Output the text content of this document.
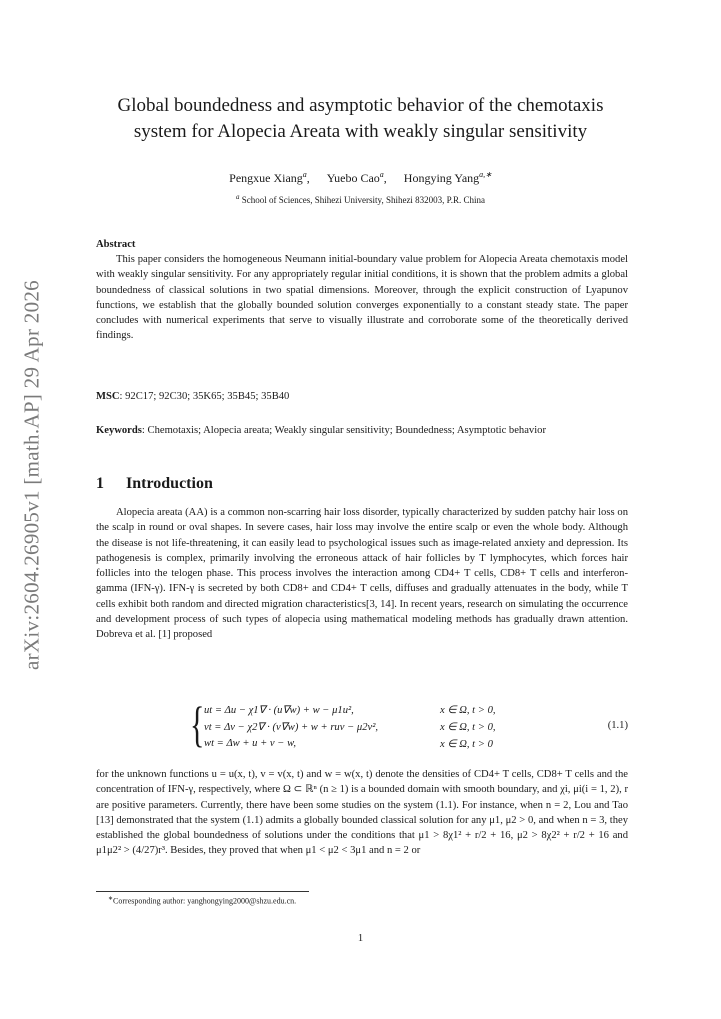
arXiv:2604.26905v1 [math.AP] 29 Apr 2026
Global boundedness and asymptotic behavior of the chemotaxis
system for Alopecia Areata with weakly singular sensitivity
Pengxue Xiang$^a$, Yuebo Cao$^a$, Hongying Yang$^{a,∗}$
$^a$ School of Sciences, Shihezi University, Shihezi 832003, P.R. China
Abstract

This paper considers the homogeneous Neumann initial-boundary value problem for Alopecia Areata chemotaxis model with weakly singular sensitivity. For any appropriately regular initial conditions, it is shown that the problem admits a global boundedness of classical solutions in two spatial dimensions. Moreover, through the explicit construction of Lyapunov functions, we establish that the globally bounded solution converges exponentially to a constant steady state. The paper concludes with numerical experiments that serve to visually illustrate and corroborate some of the theoretically derived findings.

MSC: 92C17; 92C30; 35K65; 35B45; 35B40

Keywords: Chemotaxis; Alopecia areata; Weakly singular sensitivity; Boundedness; Asymptotic behavior

1 Introduction

Alopecia areata (AA) is a common non-scarring hair loss disorder, typically characterized by sudden patchy hair loss on the scalp in round or oval shapes. In severe cases, hair loss may involve the entire scalp or even the whole body. Although the disease is not life-threatening, it can easily lead to psychological issues such as image-related anxiety and depression. Its pathogenesis is complex, primarily involving the erroneous attack of hair follicles by T lymphocytes, which forces hair follicles into the telogen phase. This process involves the interaction among CD4+ T cells, CD8+ T cells and interferon-gamma (IFN-γ). IFN-γ is secreted by both CD8+ and CD4+ T cells, diffuses and gradually attenuates in the body, while T cells exhibit both random and directed migration characteristics[3, 14]. In recent years, research on simulating the occurrence and development process of such types of alopecia using mathematical modeling methods has gradually drawn attention. Dobreva et al. [1] proposed

{ ut = Δu − χ1∇ · (u∇w) + w − μ1u²,
vt = Δv − χ2∇ · (v∇w) + w + ruv − μ2v²,
wt = Δw + u + v − w,
x ∈ Ω, t > 0,
x ∈ Ω, t > 0,
x ∈ Ω, t > 0
(1.1)

for the unknown functions u = u(x, t), v = v(x, t) and w = w(x, t) denote the densities of CD4+ T cells, CD8+ T cells and the concentration of IFN-γ, respectively, where Ω ⊂ ℝⁿ (n ≥ 1) is a bounded domain with smooth boundary, and χi, μi(i = 1, 2), r are positive parameters. Currently, there have been some studies on the system (1.1). For instance, when n = 2, Lou and Tao [13] demonstrated that the system (1.1) admits a globally bounded classical solution for any μ1, μ2 > 0, and when n = 3, they established the global boundedness of solutions under the conditions that μ1 > 8χ1² + r/2 + 16, μ2 > 8χ2² + r/2 + 16 and μ1μ2² > (4/27)r³. Besides, they proved that when μ1 < μ2 < 3μ1 and n = 2 or

∗Corresponding author: yanghongying2000@shzu.edu.cn.
1
